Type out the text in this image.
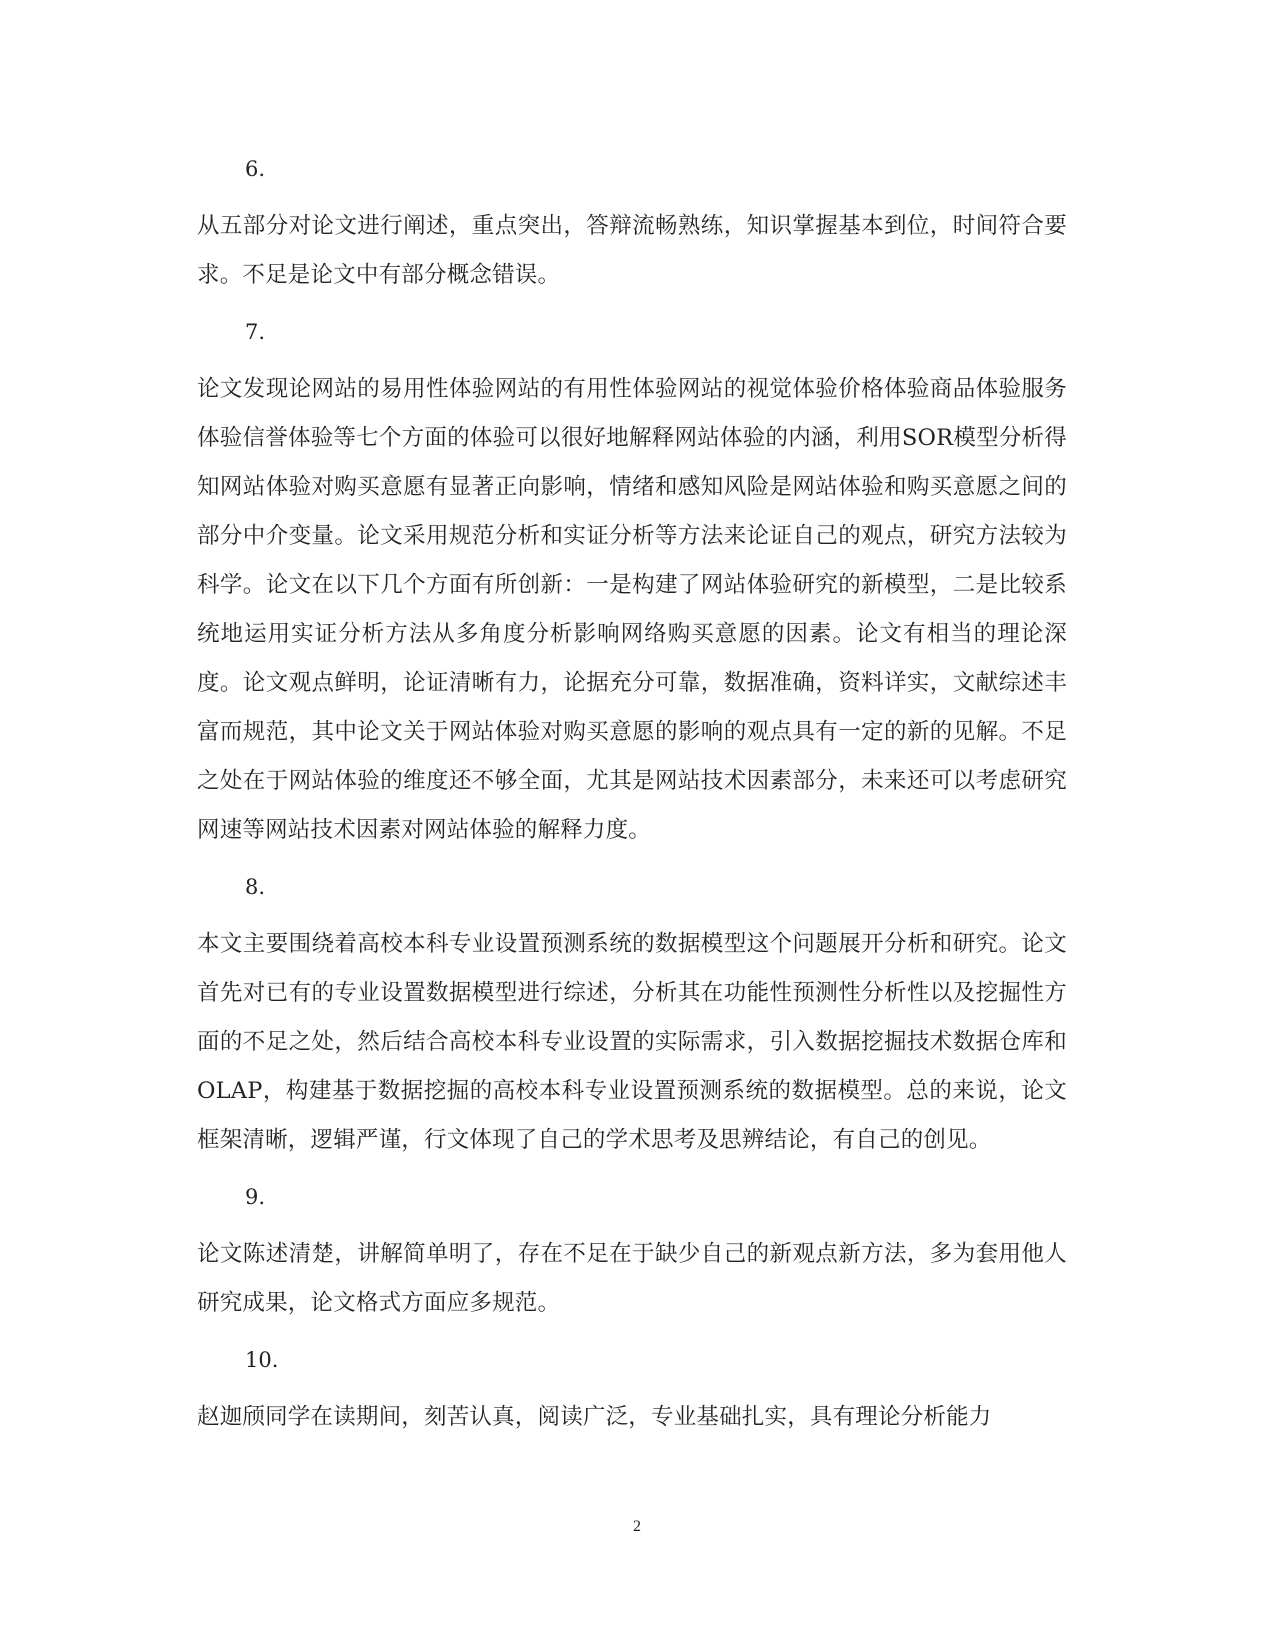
6.

从五部分对论文进行阐述，重点突出，答辩流畅熟练，知识掌握基本到位，时间符合要求。不足是论文中有部分概念错误。

7.

论文发现论网站的易用性体验网站的有用性体验网站的视觉体验价格体验商品体验服务体验信誉体验等七个方面的体验可以很好地解释网站体验的内涵，利用SOR模型分析得知网站体验对购买意愿有显著正向影响，情绪和感知风险是网站体验和购买意愿之间的部分中介变量。论文采用规范分析和实证分析等方法来论证自己的观点，研究方法较为科学。论文在以下几个方面有所创新：一是构建了网站体验研究的新模型，二是比较系统地运用实证分析方法从多角度分析影响网络购买意愿的因素。论文有相当的理论深度。论文观点鲜明，论证清晰有力，论据充分可靠，数据准确，资料详实，文献综述丰富而规范，其中论文关于网站体验对购买意愿的影响的观点具有一定的新的见解。不足之处在于网站体验的维度还不够全面，尤其是网站技术因素部分，未来还可以考虑研究网速等网站技术因素对网站体验的解释力度。

8.

本文主要围绕着高校本科专业设置预测系统的数据模型这个问题展开分析和研究。论文首先对已有的专业设置数据模型进行综述，分析其在功能性预测性分析性以及挖掘性方面的不足之处，然后结合高校本科专业设置的实际需求，引入数据挖掘技术数据仓库和OLAP，构建基于数据挖掘的高校本科专业设置预测系统的数据模型。总的来说，论文框架清晰，逻辑严谨，行文体现了自己的学术思考及思辨结论，有自己的创见。

9.

论文陈述清楚，讲解简单明了，存在不足在于缺少自己的新观点新方法，多为套用他人研究成果，论文格式方面应多规范。

10.

赵迦颀同学在读期间，刻苦认真，阅读广泛，专业基础扎实，具有理论分析能力

2
